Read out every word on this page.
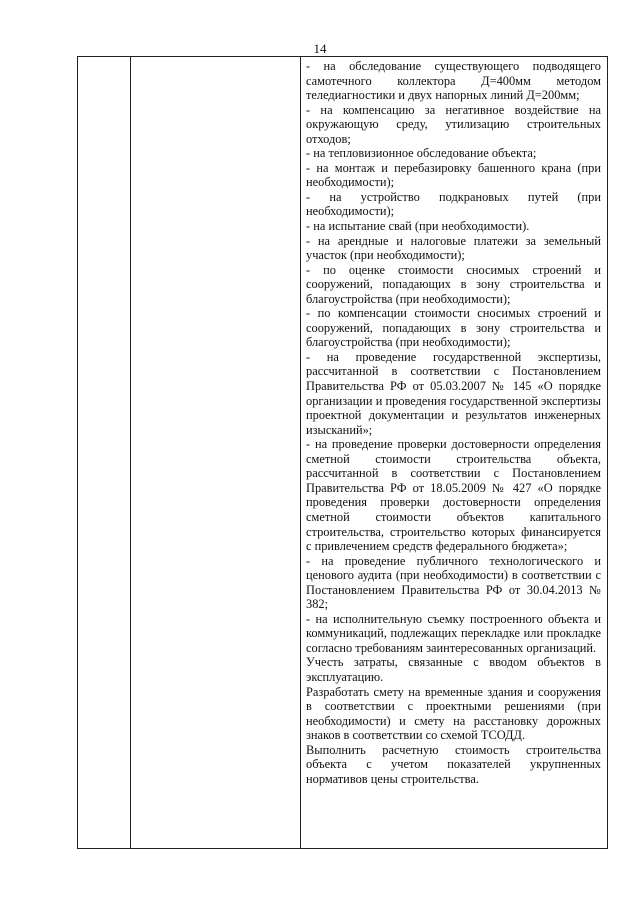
14

- на обследование существующего подводящего самотечного коллектора Д=400мм методом теледиагностики и двух напорных линий Д=200мм;

- на компенсацию за негативное воздействие на окружающую среду, утилизацию строительных отходов;

- на тепловизионное обследование объекта;

- на монтаж и перебазировку башенного крана (при необходимости);

- на устройство подкрановых путей (при необходимости);

- на испытание свай (при необходимости).

- на арендные и налоговые платежи за земельный участок (при необходимости);

- по оценке стоимости сносимых строений и сооружений, попадающих в зону строительства и благоустройства (при необходимости);

- по компенсации стоимости сносимых строений и сооружений, попадающих в зону строительства и благоустройства (при необходимости);

- на проведение государственной экспертизы, рассчитанной в соответствии с Постановлением Правительства РФ от 05.03.2007 № 145 «О порядке организации и проведения государственной экспертизы проектной документации и результатов инженерных изысканий»;

- на проведение проверки достоверности определения сметной стоимости строительства объекта, рассчитанной в соответствии с Постановлением Правительства РФ от 18.05.2009 № 427 «О порядке проведения проверки достоверности определения сметной стоимости объектов капитального строительства, строительство которых финансируется с привлечением средств федерального бюджета»;

- на проведение публичного технологического и ценового аудита (при необходимости) в соответствии с Постановлением Правительства РФ от 30.04.2013 № 382;

- на исполнительную съемку построенного объекта и коммуникаций, подлежащих перекладке или прокладке согласно требованиям заинтересованных организаций.

Учесть затраты, связанные с вводом объектов в эксплуатацию.

Разработать смету на временные здания и сооружения в соответствии с проектными решениями (при необходимости) и смету на расстановку дорожных знаков в соответствии со схемой ТСОДД.

Выполнить расчетную стоимость строительства объекта с учетом показателей укрупненных нормативов цены строительства.
